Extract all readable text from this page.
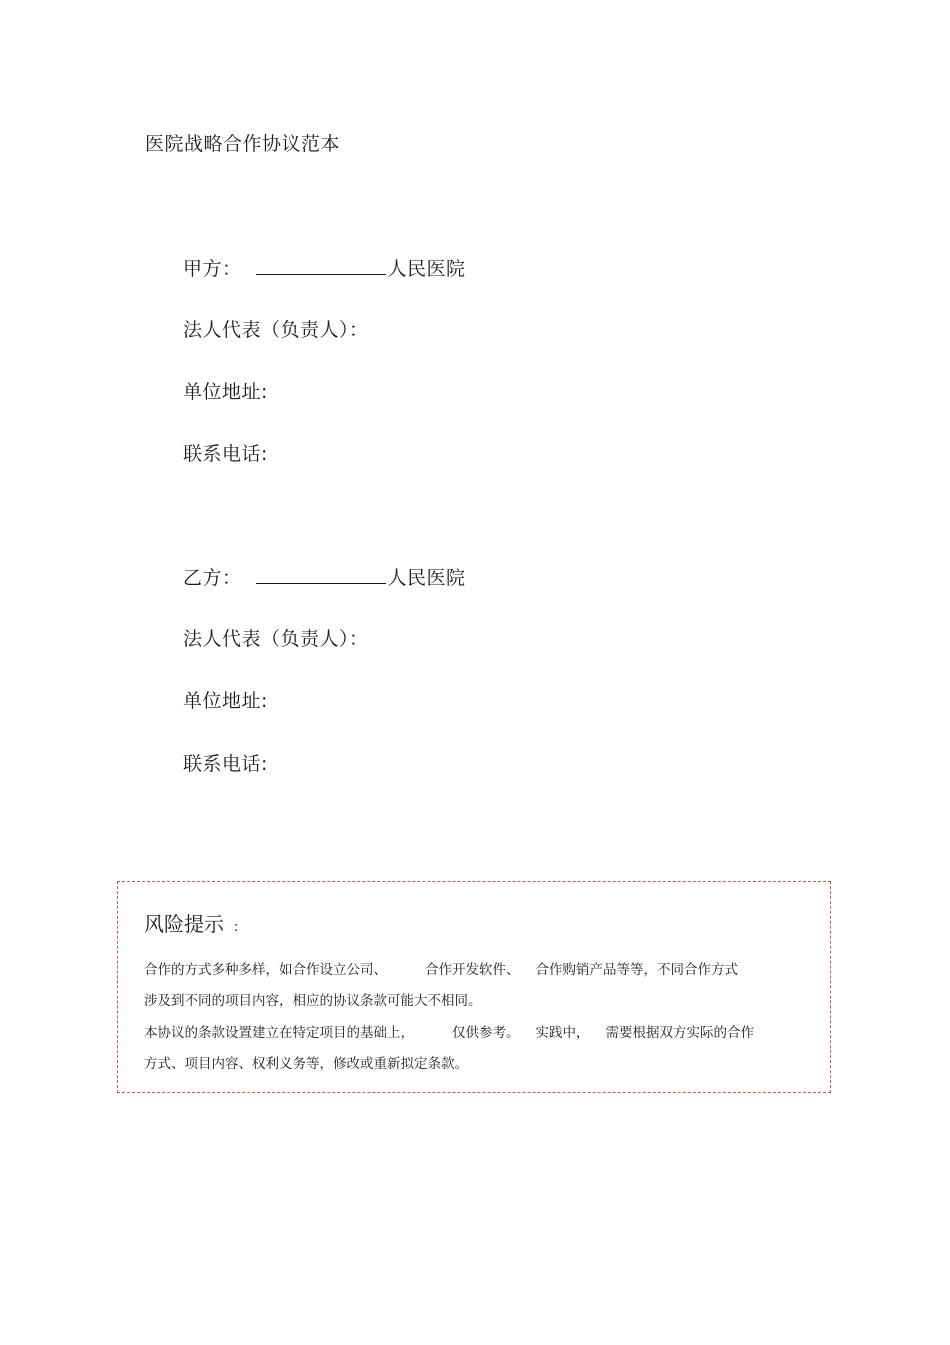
医院战略合作协议范本
甲方：	人民医院
法人代表（负责人）：
单位地址:
联系电话:
乙方：	人民医院
法人代表（负责人）：
单位地址:
联系电话:
风险提示 :
合作的方式多种多样，如合作设立公司、	合作开发软件、 合作购销产品等等，不同合作方式
涉及到不同的项目内容，相应的协议条款可能大不相同。
本协议的条款设置建立在特定项目的基础上，	仅供参考。 实践中， 需要根据双方实际的合作
方式、项目内容、权利义务等，修改或重新拟定条款。
